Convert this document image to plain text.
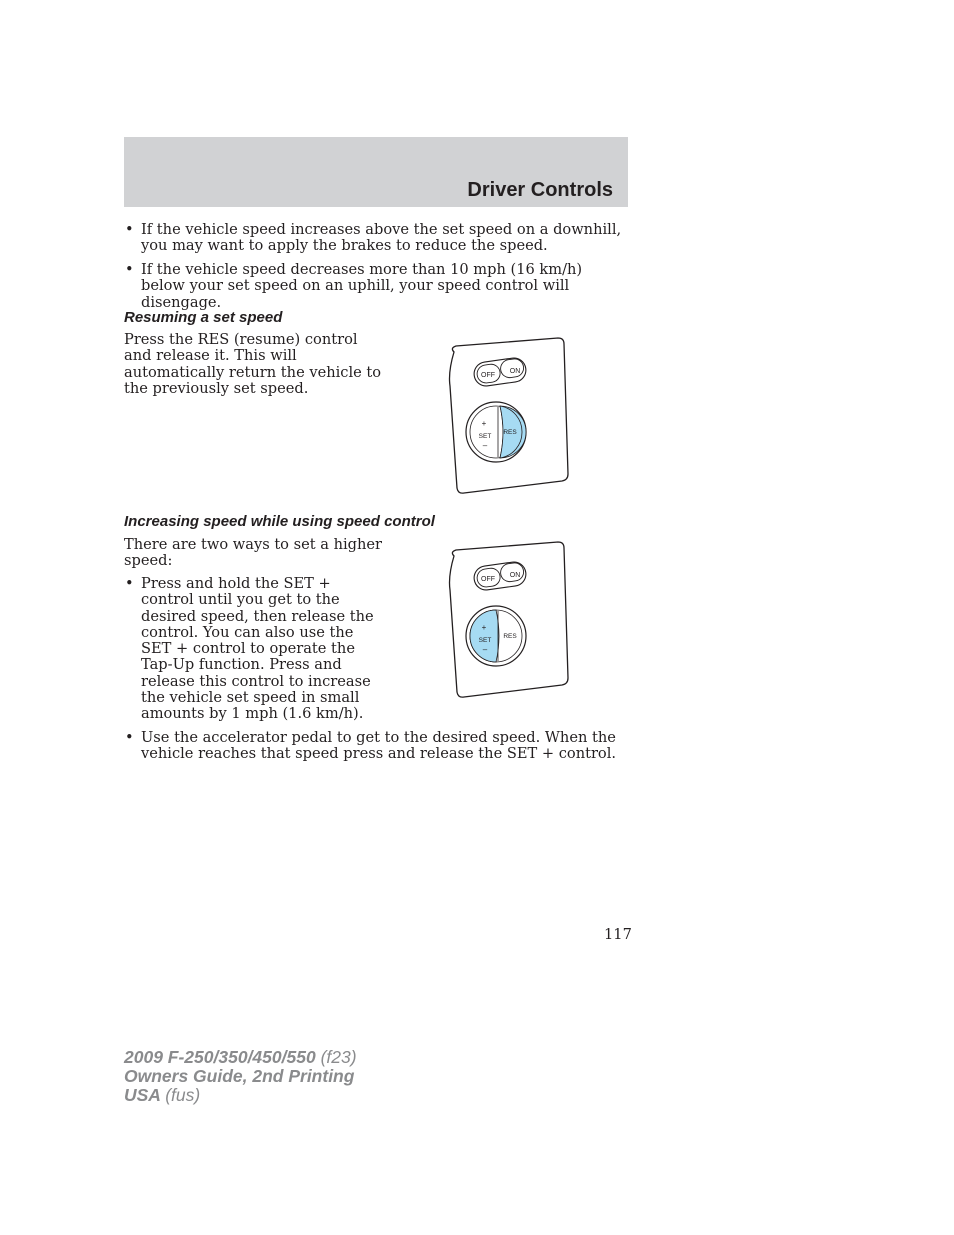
Driver Controls
• If the vehicle speed increases above the set speed on a downhill, you may want to apply the brakes to reduce the speed.
• If the vehicle speed decreases more than 10 mph (16 km/h) below your set speed on an uphill, your speed control will disengage.
Resuming a set speed

Press the RES (resume) control and release it. This will automatically return the vehicle to the previously set speed.

OFF
ON
+
SET
–
RES
Increasing speed while using speed control

There are two ways to set a higher speed:

• Press and hold the SET + control until you get to the desired speed, then release the control. You can also use the SET + control to operate the Tap-Up function. Press and release this control to increase the vehicle set speed in small amounts by 1 mph (1.6 km/h).
• Use the accelerator pedal to get to the desired speed. When the vehicle reaches that speed press and release the SET + control.
OFF
ON
+
SET
–
RES
117
2009 F-250/350/450/550 (f23)
Owners Guide, 2nd Printing
USA (fus)
